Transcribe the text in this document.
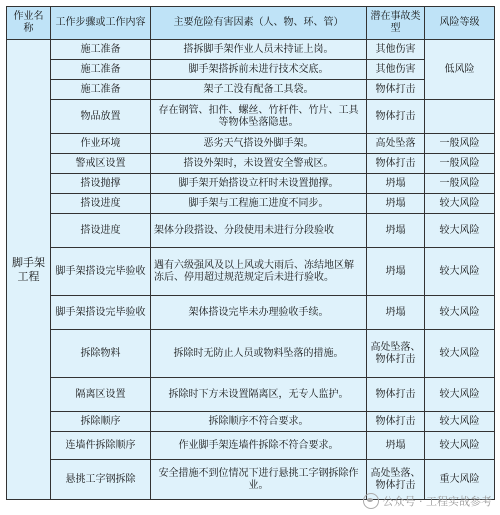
作业名称	工作步骤或工作内容	主要危险有害因素（人、物、环、管）	潜在事故类型	风险等级
脚手架工程	施工准备	搭拆脚手架作业人员未持证上岗。	其他伤害	低风险
	施工准备	脚手架搭拆前未进行技术交底。	其他伤害	
	施工准备	架子工没有配备工具袋。	物体打击	
	物品放置	存在钢管、扣件、螺丝、竹杆件、竹片、工具等物体坠落隐患。	物体打击	
	作业环境	恶劣天气搭设外脚手架。	高处坠落	一般风险
	警戒区设置	搭设外架时，未设置安全警戒区。	物体打击	一般风险
	搭设抛撑	脚手架开始搭设立杆时未设置抛撑。	坍塌	一般风险
	搭设进度	脚手架与工程施工进度不同步。	坍塌	较大风险
	搭设进度	架体分段搭设、分段使用未进行分段验收	坍塌	较大风险
	脚手架搭设完毕验收	遇有六级强风及以上风或大雨后、冻结地区解冻后、停用超过规范规定后未进行验收。	坍塌	较大风险
	脚手架搭设完毕验收	架体搭设完毕未办理验收手续。	坍塌	较大风险
	拆除物料	拆除时无防止人员或物料坠落的措施。	高处坠落、物体打击	较大风险
	隔离区设置	拆除时下方未设置隔离区，无专人监护。	物体打击	较大风险
	拆除顺序	拆除顺序不符合要求。	物体打击	较大风险
	连墙件拆除顺序	作业脚手架连墙件拆除不符合要求。	坍塌	较大风险
	悬挑工字钢拆除	安全措施不到位情况下进行悬挑工字钢拆除作业。	高处坠落、物体打击	重大风险
公众号 · 工程实战参考
